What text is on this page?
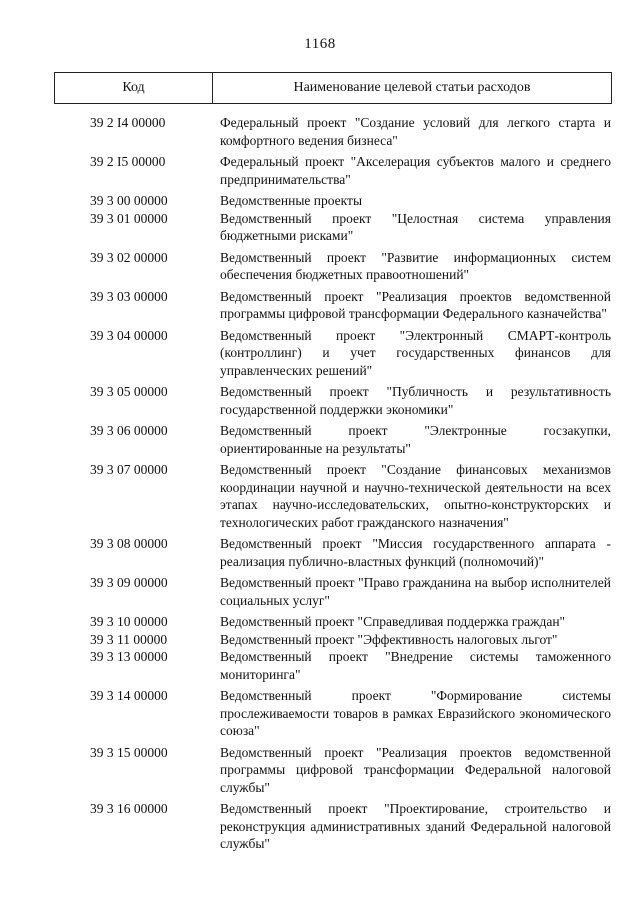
1168
Код	Наименование целевой статьи расходов
39 2 I4 00000	Федеральный проект "Создание условий для легкого старта и комфортного ведения бизнеса"
39 2 I5 00000	Федеральный проект "Акселерация субъектов малого и среднего предпринимательства"
39 3 00 00000	Ведомственные проекты
39 3 01 00000	Ведомственный проект "Целостная система управления бюджетными рисками"
39 3 02 00000	Ведомственный проект "Развитие информационных систем обеспечения бюджетных правоотношений"
39 3 03 00000	Ведомственный проект "Реализация проектов ведомственной программы цифровой трансформации Федерального казначейства"
39 3 04 00000	Ведомственный проект "Электронный СМАРТ-контроль (контроллинг) и учет государственных финансов для управленческих решений"
39 3 05 00000	Ведомственный проект "Публичность и результативность государственной поддержки экономики"
39 3 06 00000	Ведомственный проект "Электронные госзакупки, ориентированные на результаты"
39 3 07 00000	Ведомственный проект "Создание финансовых механизмов координации научной и научно-технической деятельности на всех этапах научно-исследовательских, опытно-конструкторских и технологических работ гражданского назначения"
39 3 08 00000	Ведомственный проект "Миссия государственного аппарата - реализация публично-властных функций (полномочий)"
39 3 09 00000	Ведомственный проект "Право гражданина на выбор исполнителей социальных услуг"
39 3 10 00000	Ведомственный проект "Справедливая поддержка граждан"
39 3 11 00000	Ведомственный проект "Эффективность налоговых льгот"
39 3 13 00000	Ведомственный проект "Внедрение системы таможенного мониторинга"
39 3 14 00000	Ведомственный проект "Формирование системы прослеживаемости товаров в рамках Евразийского экономического союза"
39 3 15 00000	Ведомственный проект "Реализация проектов ведомственной программы цифровой трансформации Федеральной налоговой службы"
39 3 16 00000	Ведомственный проект "Проектирование, строительство и реконструкция административных зданий Федеральной налоговой службы"
